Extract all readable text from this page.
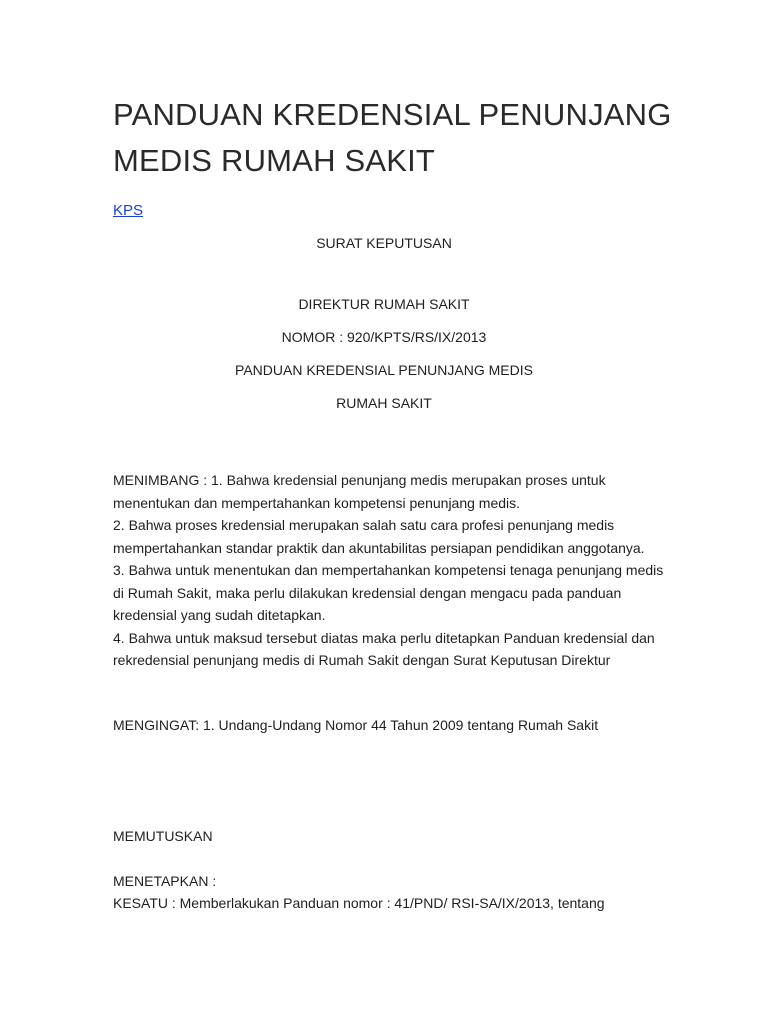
PANDUAN KREDENSIAL PENUNJANG MEDIS RUMAH SAKIT
KPS
SURAT KEPUTUSAN
DIREKTUR RUMAH SAKIT
NOMOR : 920/KPTS/RS/IX/2013
PANDUAN KREDENSIAL PENUNJANG MEDIS
RUMAH SAKIT

MENIMBANG : 1. Bahwa kredensial penunjang medis merupakan proses untuk menentukan dan mempertahankan kompetensi penunjang medis.

2. Bahwa proses kredensial merupakan salah satu cara profesi penunjang medis mempertahankan standar praktik dan akuntabilitas persiapan pendidikan anggotanya.

3. Bahwa untuk menentukan dan mempertahankan kompetensi tenaga penunjang medis di Rumah Sakit, maka perlu dilakukan kredensial dengan mengacu pada panduan kredensial yang sudah ditetapkan.

4. Bahwa untuk maksud tersebut diatas maka perlu ditetapkan Panduan kredensial dan rekredensial penunjang medis di Rumah Sakit dengan Surat Keputusan Direktur

MENGINGAT: 1. Undang-Undang Nomor 44 Tahun 2009 tentang Rumah Sakit
MEMUTUSKAN
MENETAPKAN :
KESATU : Memberlakukan Panduan nomor : 41/PND/ RSI-SA/IX/2013, tentang
